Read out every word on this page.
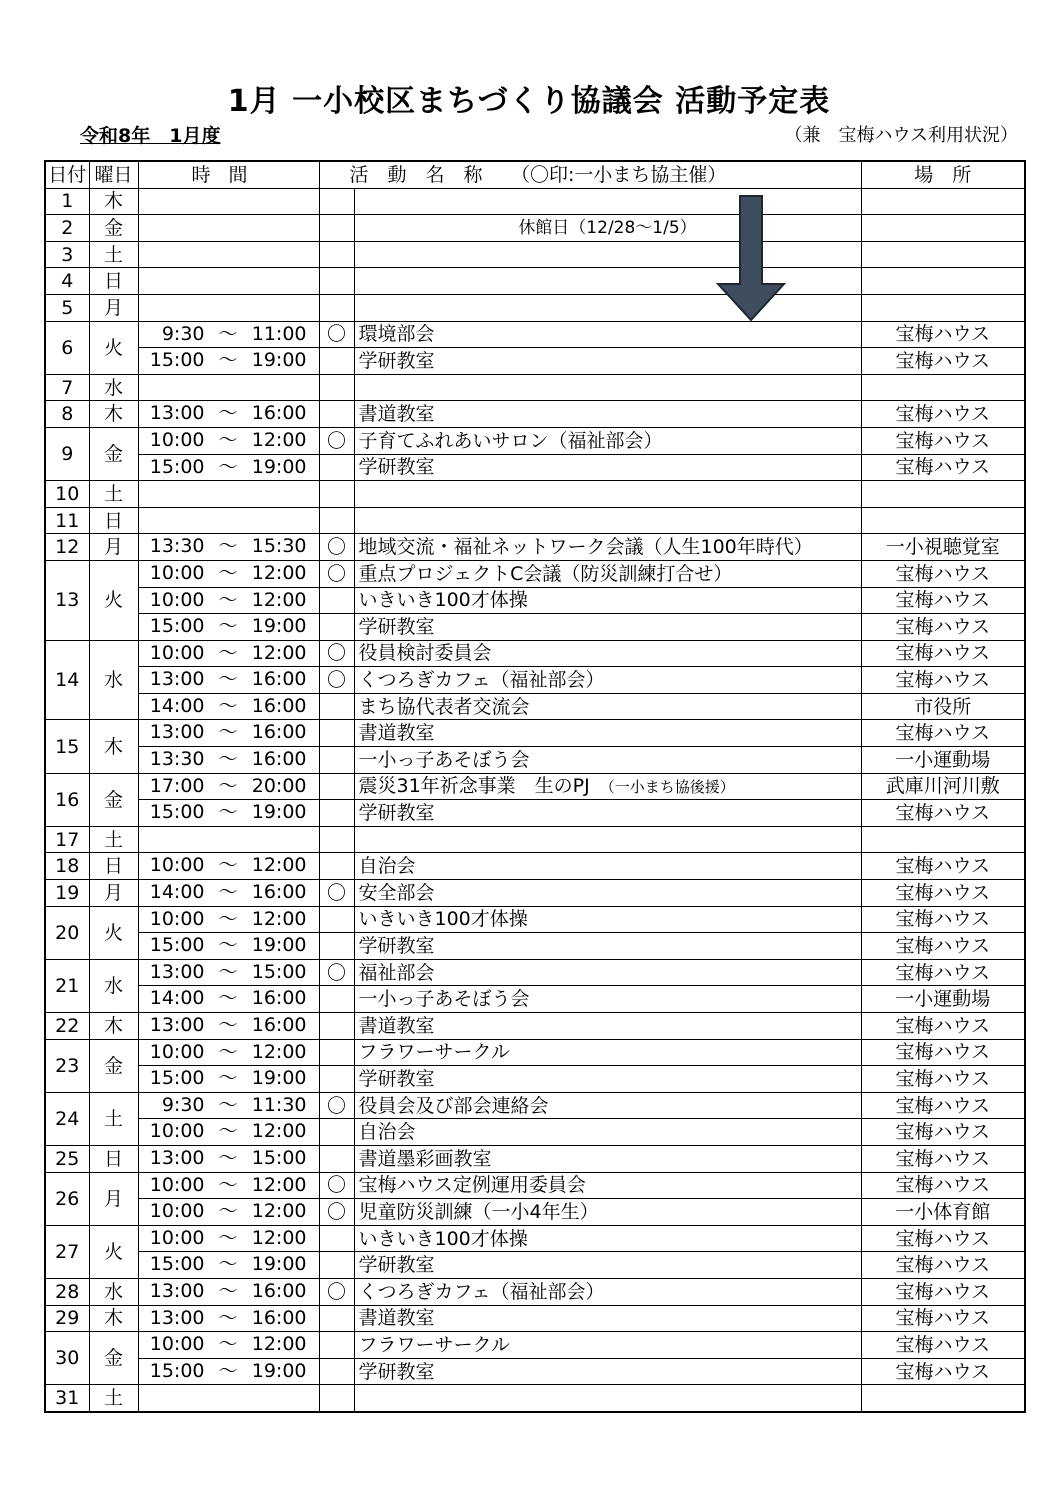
1月 一小校区まちづくり協議会 活動予定表
令和8年　1月度	（兼　宝梅ハウス利用状況）
日付	曜日	時間	活　動　名　称　　（〇印:一小まち協主催）		場　所
1	木				
2	金			休館日（12/28～1/5）	
3	土				
4	日				
5	月				
6	火	9:30 ～ 11:00	〇	環境部会	宝梅ハウス

		15:00 ～ 19:00		学研教室	宝梅ハウス
7	水				
8	木	13:00 ～ 16:00		書道教室	宝梅ハウス
9	金	10:00 ～ 12:00	〇	子育てふれあいサロン（福祉部会）	宝梅ハウス

		15:00 ～ 19:00		学研教室	宝梅ハウス
10	土				
11	日				
12	月	13:30 ～ 15:30	〇	地域交流・福祉ネットワーク会議（人生100年時代）	一小視聴覚室
13	火	10:00 ～ 12:00	〇	重点プロジェクトC会議（防災訓練打合せ）	宝梅ハウス

		10:00 ～ 12:00		いきいき100才体操	宝梅ハウス

		15:00 ～ 19:00		学研教室	宝梅ハウス
14	水	10:00 ～ 12:00	〇	役員検討委員会	宝梅ハウス

		13:00 ～ 16:00	〇	くつろぎカフェ（福祉部会）	宝梅ハウス

		14:00 ～ 16:00		まち協代表者交流会	市役所
15	木	13:00 ～ 16:00		書道教室	宝梅ハウス

		13:30 ～ 16:00		一小っ子あそぼう会	一小運動場
16	金	17:00 ～ 20:00		震災31年祈念事業　生のPJ （一小まち協後援）	武庫川河川敷

		15:00 ～ 19:00		学研教室	宝梅ハウス
17	土				
18	日	10:00 ～ 12:00		自治会	宝梅ハウス
19	月	14:00 ～ 16:00	〇	安全部会	宝梅ハウス
20	火	10:00 ～ 12:00		いきいき100才体操	宝梅ハウス

		15:00 ～ 19:00		学研教室	宝梅ハウス
21	水	13:00 ～ 15:00	〇	福祉部会	宝梅ハウス

		14:00 ～ 16:00		一小っ子あそぼう会	一小運動場
22	木	13:00 ～ 16:00		書道教室	宝梅ハウス
23	金	10:00 ～ 12:00		フラワーサークル	宝梅ハウス

		15:00 ～ 19:00		学研教室	宝梅ハウス
24	土	9:30 ～ 11:30	〇	役員会及び部会連絡会	宝梅ハウス

		10:00 ～ 12:00		自治会	宝梅ハウス
25	日	13:00 ～ 15:00		書道墨彩画教室	宝梅ハウス
26	月	10:00 ～ 12:00	〇	宝梅ハウス定例運用委員会	宝梅ハウス

		10:00 ～ 12:00	〇	児童防災訓練（一小4年生）	一小体育館
27	火	10:00 ～ 12:00		いきいき100才体操	宝梅ハウス

		15:00 ～ 19:00		学研教室	宝梅ハウス
28	水	13:00 ～ 16:00	〇	くつろぎカフェ（福祉部会）	宝梅ハウス
29	木	13:00 ～ 16:00		書道教室	宝梅ハウス
30	金	10:00 ～ 12:00		フラワーサークル	宝梅ハウス

		15:00 ～ 19:00		学研教室	宝梅ハウス
31	土				
